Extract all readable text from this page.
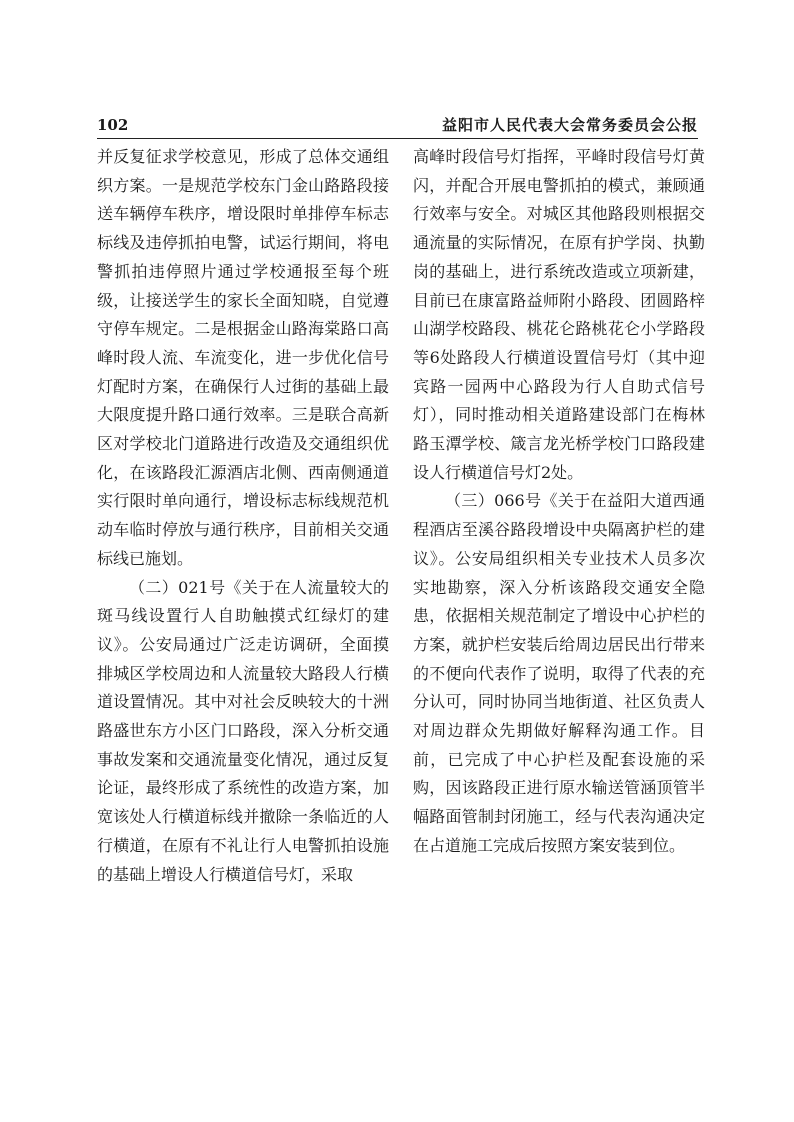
102	益阳市人民代表大会常务委员会公报

并反复征求学校意见，形成了总体交通组织方案。一是规范学校东门金山路路段接送车辆停车秩序，增设限时单排停车标志标线及违停抓拍电警，试运行期间，将电警抓拍违停照片通过学校通报至每个班级，让接送学生的家长全面知晓，自觉遵守停车规定。二是根据金山路海棠路口高峰时段人流、车流变化，进一步优化信号灯配时方案，在确保行人过街的基础上最大限度提升路口通行效率。三是联合高新区对学校北门道路进行改造及交通组织优化，在该路段汇源酒店北侧、西南侧通道实行限时单向通行，增设标志标线规范机动车临时停放与通行秩序，目前相关交通标线已施划。

（二）021号《关于在人流量较大的斑马线设置行人自助触摸式红绿灯的建议》。公安局通过广泛走访调研，全面摸排城区学校周边和人流量较大路段人行横道设置情况。其中对社会反映较大的十洲路盛世东方小区门口路段，深入分析交通事故发案和交通流量变化情况，通过反复论证，最终形成了系统性的改造方案，加宽该处人行横道标线并撤除一条临近的人行横道，在原有不礼让行人电警抓拍设施的基础上增设人行横道信号灯，采取

高峰时段信号灯指挥，平峰时段信号灯黄闪，并配合开展电警抓拍的模式，兼顾通行效率与安全。对城区其他路段则根据交通流量的实际情况，在原有护学岗、执勤岗的基础上，进行系统改造或立项新建，目前已在康富路益师附小路段、团圆路梓山湖学校路段、桃花仑路桃花仑小学路段等6处路段人行横道设置信号灯（其中迎宾路一园两中心路段为行人自助式信号灯），同时推动相关道路建设部门在梅林路玉潭学校、箴言龙光桥学校门口路段建设人行横道信号灯2处。

（三）066号《关于在益阳大道西通程酒店至溪谷路段增设中央隔离护栏的建议》。公安局组织相关专业技术人员多次实地勘察，深入分析该路段交通安全隐患，依据相关规范制定了增设中心护栏的方案，就护栏安装后给周边居民出行带来的不便向代表作了说明，取得了代表的充分认可，同时协同当地街道、社区负责人对周边群众先期做好解释沟通工作。目前，已完成了中心护栏及配套设施的采购，因该路段正进行原水输送管涵顶管半幅路面管制封闭施工，经与代表沟通决定在占道施工完成后按照方案安装到位。
